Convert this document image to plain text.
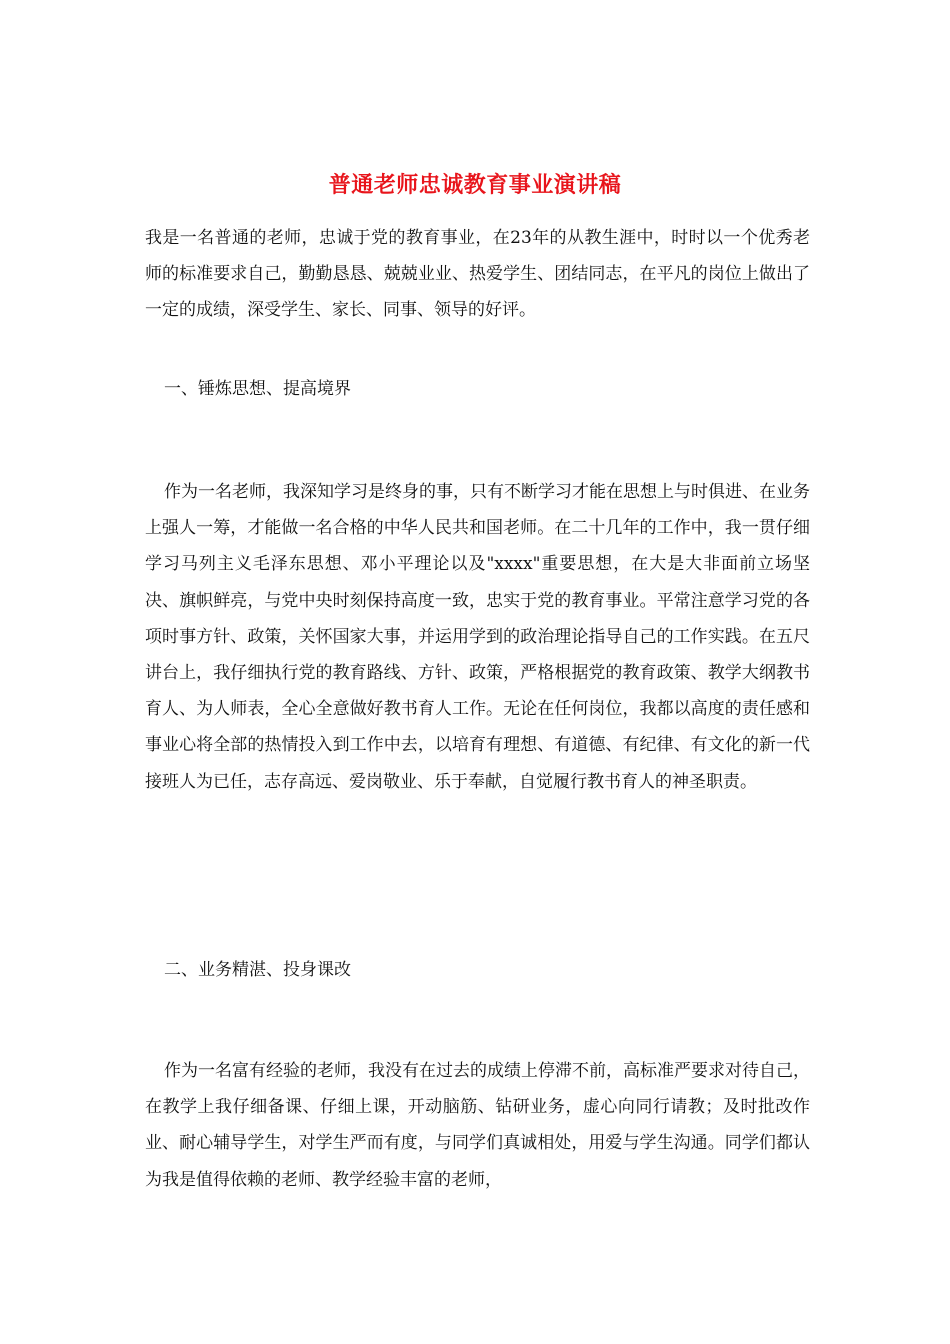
普通老师忠诚教育事业演讲稿

我是一名普通的老师，忠诚于党的教育事业，在23年的从教生涯中，时时以一个优秀老师的标准要求自己，勤勤恳恳、兢兢业业、热爱学生、团结同志，在平凡的岗位上做出了一定的成绩，深受学生、家长、同事、领导的好评。

一、锤炼思想、提高境界

作为一名老师，我深知学习是终身的事，只有不断学习才能在思想上与时俱进、在业务上强人一筹，才能做一名合格的中华人民共和国老师。在二十几年的工作中，我一贯仔细学习马列主义毛泽东思想、邓小平理论以及"xxxx"重要思想，在大是大非面前立场坚决、旗帜鲜亮，与党中央时刻保持高度一致，忠实于党的教育事业。平常注意学习党的各项时事方针、政策，关怀国家大事，并运用学到的政治理论指导自己的工作实践。在五尺讲台上，我仔细执行党的教育路线、方针、政策，严格根据党的教育政策、教学大纲教书育人、为人师表，全心全意做好教书育人工作。无论在任何岗位，我都以高度的责任感和事业心将全部的热情投入到工作中去，以培育有理想、有道德、有纪律、有文化的新一代接班人为已任，志存高远、爱岗敬业、乐于奉献，自觉履行教书育人的神圣职责。

二、业务精湛、投身课改

作为一名富有经验的老师，我没有在过去的成绩上停滞不前，高标准严要求对待自己，在教学上我仔细备课、仔细上课，开动脑筋、钻研业务，虚心向同行请教；及时批改作业、耐心辅导学生，对学生严而有度，与同学们真诚相处，用爱与学生沟通。同学们都认为我是值得依赖的老师、教学经验丰富的老师，
